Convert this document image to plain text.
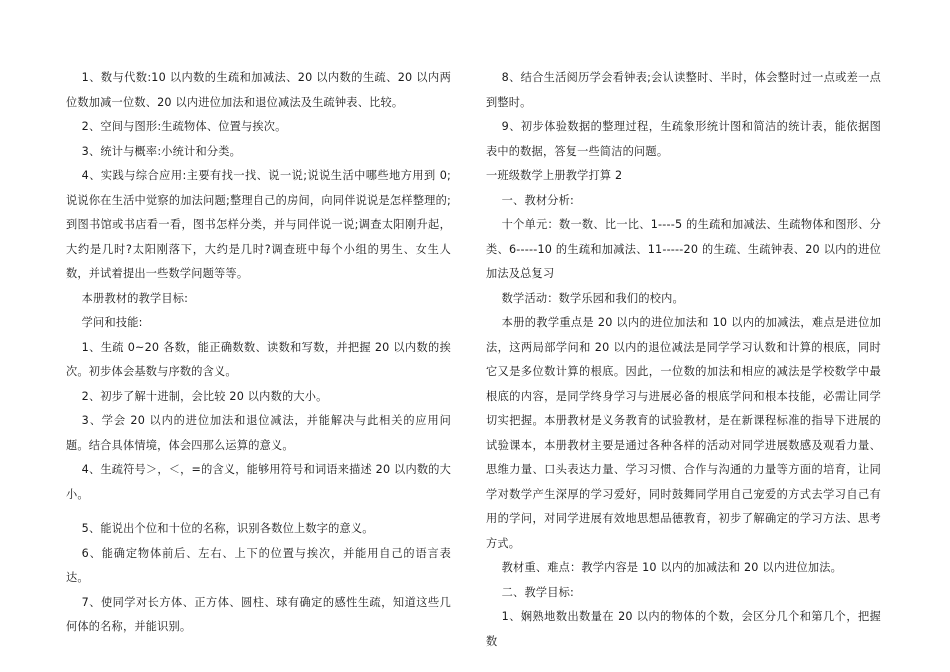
1、数与代数:10 以内数的生疏和加减法、20 以内数的生疏、20 以内两位数加减一位数、20 以内进位加法和退位减法及生疏钟表、比较。

2、空间与图形:生疏物体、位置与挨次。

3、统计与概率:小统计和分类。

4、实践与综合应用:主要有找一找、说一说;说说生活中哪些地方用到 0;说说你在生活中觉察的加法问题;整理自己的房间，向同伴说说是怎样整理的;到图书馆或书店看一看，图书怎样分类，并与同伴说一说;调查太阳刚升起，大约是几时?太阳刚落下，大约是几时?调查班中每个小组的男生、女生人数，并试着提出一些数学问题等等。

本册教材的教学目标:

学问和技能:

1、生疏 0~20 各数，能正确数数、读数和写数，并把握 20 以内数的挨次。初步体会基数与序数的含义。

2、初步了解十进制，会比较 20 以内数的大小。

3、学会 20 以内的进位加法和退位减法，并能解决与此相关的应用问题。结合具体情境，体会四那么运算的意义。

4、生疏符号＞，＜，=的含义，能够用符号和词语来描述 20 以内数的大小。

5、能说出个位和十位的名称，识别各数位上数字的意义。

6、能确定物体前后、左右、上下的位置与挨次，并能用自己的语言表达。

7、使同学对长方体、正方体、圆柱、球有确定的感性生疏，知道这些几何体的名称，并能识别。

8、结合生活阅历学会看钟表;会认读整时、半时，体会整时过一点或差一点到整时。

9、初步体验数据的整理过程，生疏象形统计图和简洁的统计表，能依据图表中的数据，答复一些简洁的问题。

一班级数学上册教学打算 2

一、教材分析:

十个单元：数一数、比一比、1----5 的生疏和加减法、生疏物体和图形、分类、6-----10 的生疏和加减法、11-----20 的生疏、生疏钟表、20 以内的进位加法及总复习

数学活动：数学乐园和我们的校内。

本册的教学重点是 20 以内的进位加法和 10 以内的加减法，难点是进位加法，这两局部学问和 20 以内的退位减法是同学学习认数和计算的根底，同时它又是多位数计算的根底。因此，一位数的加法和相应的减法是学校数学中最根底的内容，是同学终身学习与进展必备的根底学问和根本技能，必需让同学切实把握。本册教材是义务教育的试验教材，是在新课程标准的指导下进展的试验课本，本册教材主要是通过各种各样的活动对同学进展数感及观看力量、思维力量、口头表达力量、学习习惯、合作与沟通的力量等方面的培育，让同学对数学产生深厚的学习爱好，同时鼓舞同学用自己宠爱的方式去学习自己有用的学问，对同学进展有效地思想品德教育，初步了解确定的学习方法、思考方式。

教材重、难点：教学内容是 10 以内的加减法和 20 以内进位加法。

二、教学目标:

1、娴熟地数出数量在 20 以内的物体的个数，会区分几个和第几个，把握数
